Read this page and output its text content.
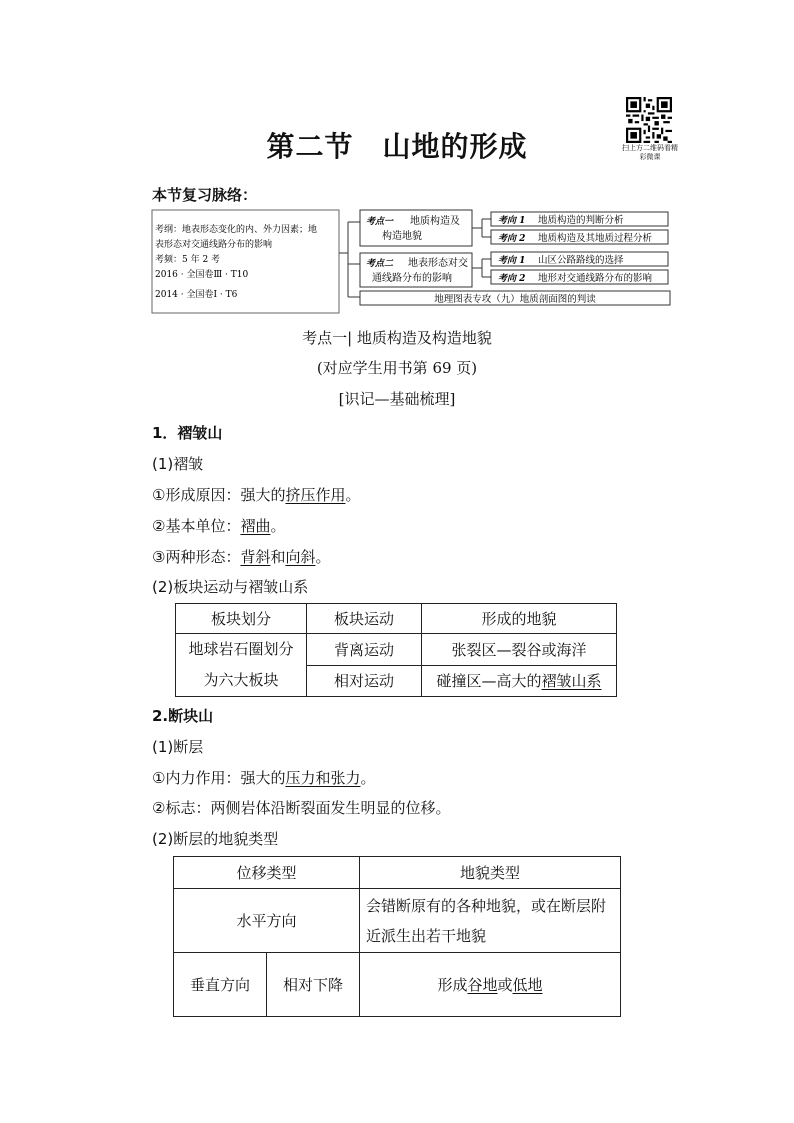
第二节　山地的形成	扫上方二维码看精彩微课
本节复习脉络：
考纲：地表形态变化的内、外力因素；地
表形态对交通线路分布的影响
考频：5 年 2 考
2016 · 全国卷Ⅲ · T10
2014 · 全国卷Ⅰ · T6
考点一 地质构造及
构造地貌
考点二 地表形态对交
通线路分布的影响
考向 1 地质构造的判断分析
考向 2 地质构造及其地质过程分析
考向 1 山区公路路线的选择
考向 2 地形对交通线路分布的影响
地理图表专攻（九）地质剖面图的判读
考点一| 地质构造及构造地貌
(对应学生用书第 69 页)
[识记—基础梳理]
1．褶皱山
(1)褶皱
①形成原因：强大的挤压作用。
②基本单位：褶曲。
③两种形态：背斜和向斜。
(2)板块运动与褶皱山系
板块划分	板块运动	形成的地貌
地球岩石圈划分为六大板块	背离运动	张裂区—裂谷或海洋
	相对运动	碰撞区—高大的褶皱山系
2.断块山
(1)断层
①内力作用：强大的压力和张力。
②标志：两侧岩体沿断裂面发生明显的位移。
(2)断层的地貌类型
位移类型		地貌类型
水平方向		会错断原有的各种地貌，或在断层附近派生出若干地貌
垂直方向	相对下降	形成谷地或低地
